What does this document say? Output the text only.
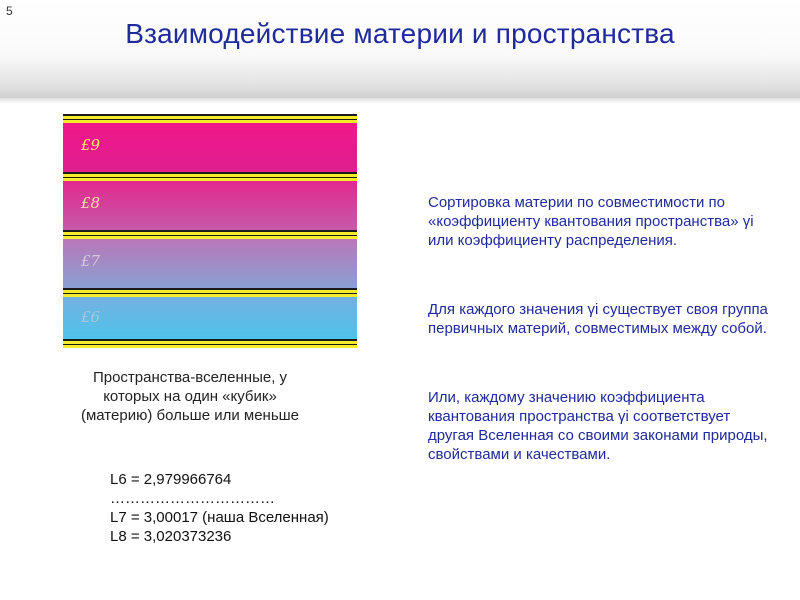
5
Взаимодействие материи и пространства
£9
£8
£7
£6
Пространства-вселенные, у которых на один «кубик» (материю) больше или меньше
L6 = 2,979966764
……………………………
L7 = 3,00017 (наша Вселенная)
L8 = 3,020373236
Сортировка материи по совместимости по «коэффициенту квантования пространства» γi или коэффициенту распределения.
Для каждого значения γi существует своя группа первичных материй, совместимых между собой.
Или, каждому значению коэффициента квантования пространства γi соответствует другая Вселенная со своими законами природы, свойствами и качествами.
